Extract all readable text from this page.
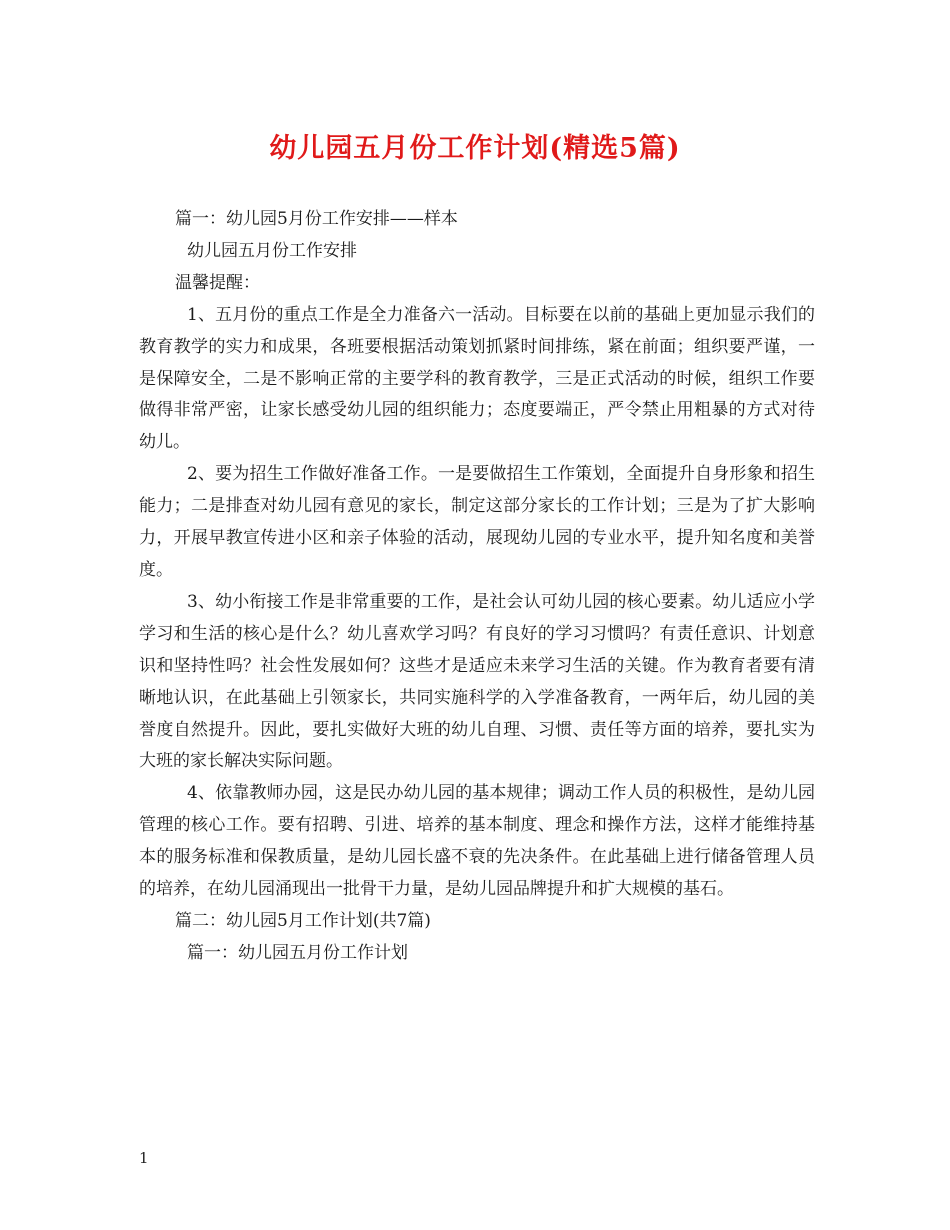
幼儿园五月份工作计划(精选5篇)

篇一：幼儿园5月份工作安排——样本

幼儿园五月份工作安排

温馨提醒：

1、五月份的重点工作是全力准备六一活动。目标要在以前的基础上更加显示我们的教育教学的实力和成果，各班要根据活动策划抓紧时间排练，紧在前面；组织要严谨，一是保障安全，二是不影响正常的主要学科的教育教学，三是正式活动的时候，组织工作要做得非常严密，让家长感受幼儿园的组织能力；态度要端正，严令禁止用粗暴的方式对待幼儿。

2、要为招生工作做好准备工作。一是要做招生工作策划，全面提升自身形象和招生能力；二是排查对幼儿园有意见的家长，制定这部分家长的工作计划；三是为了扩大影响力，开展早教宣传进小区和亲子体验的活动，展现幼儿园的专业水平，提升知名度和美誉度。

3、幼小衔接工作是非常重要的工作，是社会认可幼儿园的核心要素。幼儿适应小学学习和生活的核心是什么？幼儿喜欢学习吗？有良好的学习习惯吗？有责任意识、计划意识和坚持性吗？社会性发展如何？这些才是适应未来学习生活的关键。作为教育者要有清晰地认识，在此基础上引领家长，共同实施科学的入学准备教育，一两年后，幼儿园的美誉度自然提升。因此，要扎实做好大班的幼儿自理、习惯、责任等方面的培养，要扎实为大班的家长解决实际问题。

4、依靠教师办园，这是民办幼儿园的基本规律；调动工作人员的积极性，是幼儿园管理的核心工作。要有招聘、引进、培养的基本制度、理念和操作方法，这样才能维持基本的服务标准和保教质量，是幼儿园长盛不衰的先决条件。在此基础上进行储备管理人员的培养，在幼儿园涌现出一批骨干力量，是幼儿园品牌提升和扩大规模的基石。

篇二：幼儿园5月工作计划(共7篇)

篇一：幼儿园五月份工作计划

1
